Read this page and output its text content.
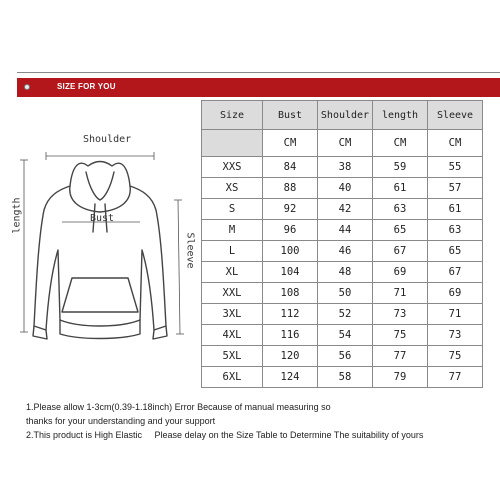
SIZE FOR YOU
Shoulder
length
Sleeve
Bust
Size	Bust	Shoulder	length	Sleeve
	CM	CM	CM	CM
XXS	84	38	59	55
XS	88	40	61	57
S	92	42	63	61
M	96	44	65	63
L	100	46	67	65
XL	104	48	69	67
XXL	108	50	71	69
3XL	112	52	73	71
4XL	116	54	75	73
5XL	120	56	77	75
6XL	124	58	79	77
1.Please allow 1-3cm(0.39-1.18inch) Error Because of manual measuring so
thanks for your understanding and your support
2.This product is High Elastic     Please delay on the Size Table to Determine The suitability of yours
